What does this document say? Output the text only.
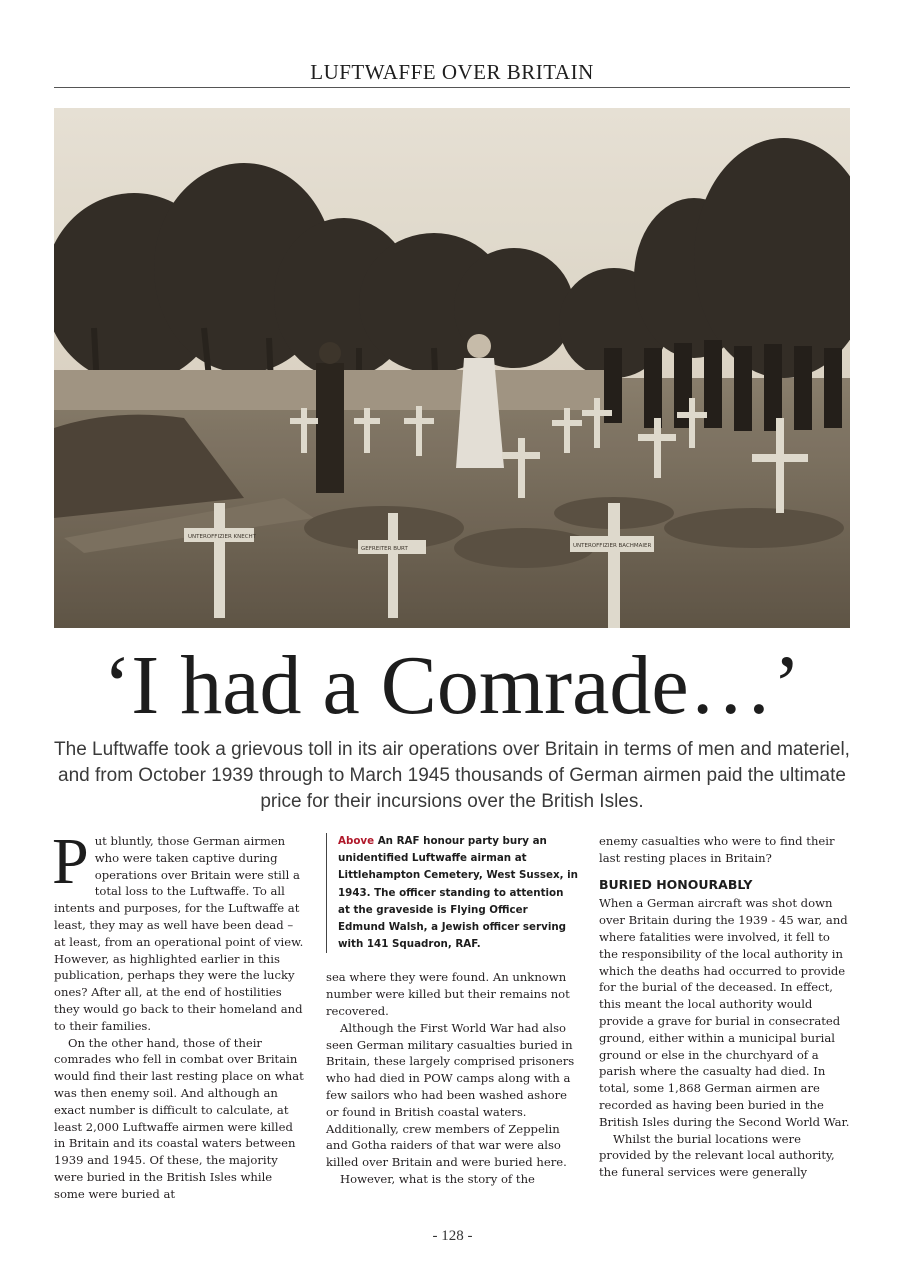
LUFTWAFFE OVER BRITAIN
UNTEROFFIZIER KNECHT
GEFREITER BURT	UNTEROFFIZIER BACHMAIER
‘I had a Comrade…’
The Luftwaffe took a grievous toll in its air operations over Britain in terms of men and materiel, and from October 1939 through to March 1945 thousands of German airmen paid the ultimate price for their incursions over the British Isles.

Put bluntly, those German airmen who were taken captive during operations over Britain were still a total loss to the Luftwaffe. To all intents and purposes, for the Luftwaffe at least, they may as well have been dead – at least, from an operational point of view. However, as highlighted earlier in this publication, perhaps they were the lucky ones? After all, at the end of hostilities they would go back to their homeland and to their families.

On the other hand, those of their comrades who fell in combat over Britain would find their last resting place on what was then enemy soil. And although an exact number is difficult to calculate, at least 2,000 Luftwaffe airmen were killed in Britain and its coastal waters between 1939 and 1945. Of these, the majority were buried in the British Isles while some were buried at

Above An RAF honour party bury an unidentified Luftwaffe airman at Littlehampton Cemetery, West Sussex, in 1943. The officer standing to attention at the graveside is Flying Officer Edmund Walsh, a Jewish officer serving with 141 Squadron, RAF.

sea where they were found. An unknown number were killed but their remains not recovered.

Although the First World War had also seen German military casualties buried in Britain, these largely comprised prisoners who had died in POW camps along with a few sailors who had been washed ashore or found in British coastal waters. Additionally, crew members of Zeppelin and Gotha raiders of that war were also killed over Britain and were buried here.

However, what is the story of the

enemy casualties who were to find their last resting places in Britain?

BURIED HONOURABLY

When a German aircraft was shot down over Britain during the 1939 - 45 war, and where fatalities were involved, it fell to the responsibility of the local authority in which the deaths had occurred to provide for the burial of the deceased. In effect, this meant the local authority would provide a grave for burial in consecrated ground, either within a municipal burial ground or else in the churchyard of a parish where the casualty had died. In total, some 1,868 German airmen are recorded as having been buried in the British Isles during the Second World War.

Whilst the burial locations were provided by the relevant local authority, the funeral services were generally

- 128 -
